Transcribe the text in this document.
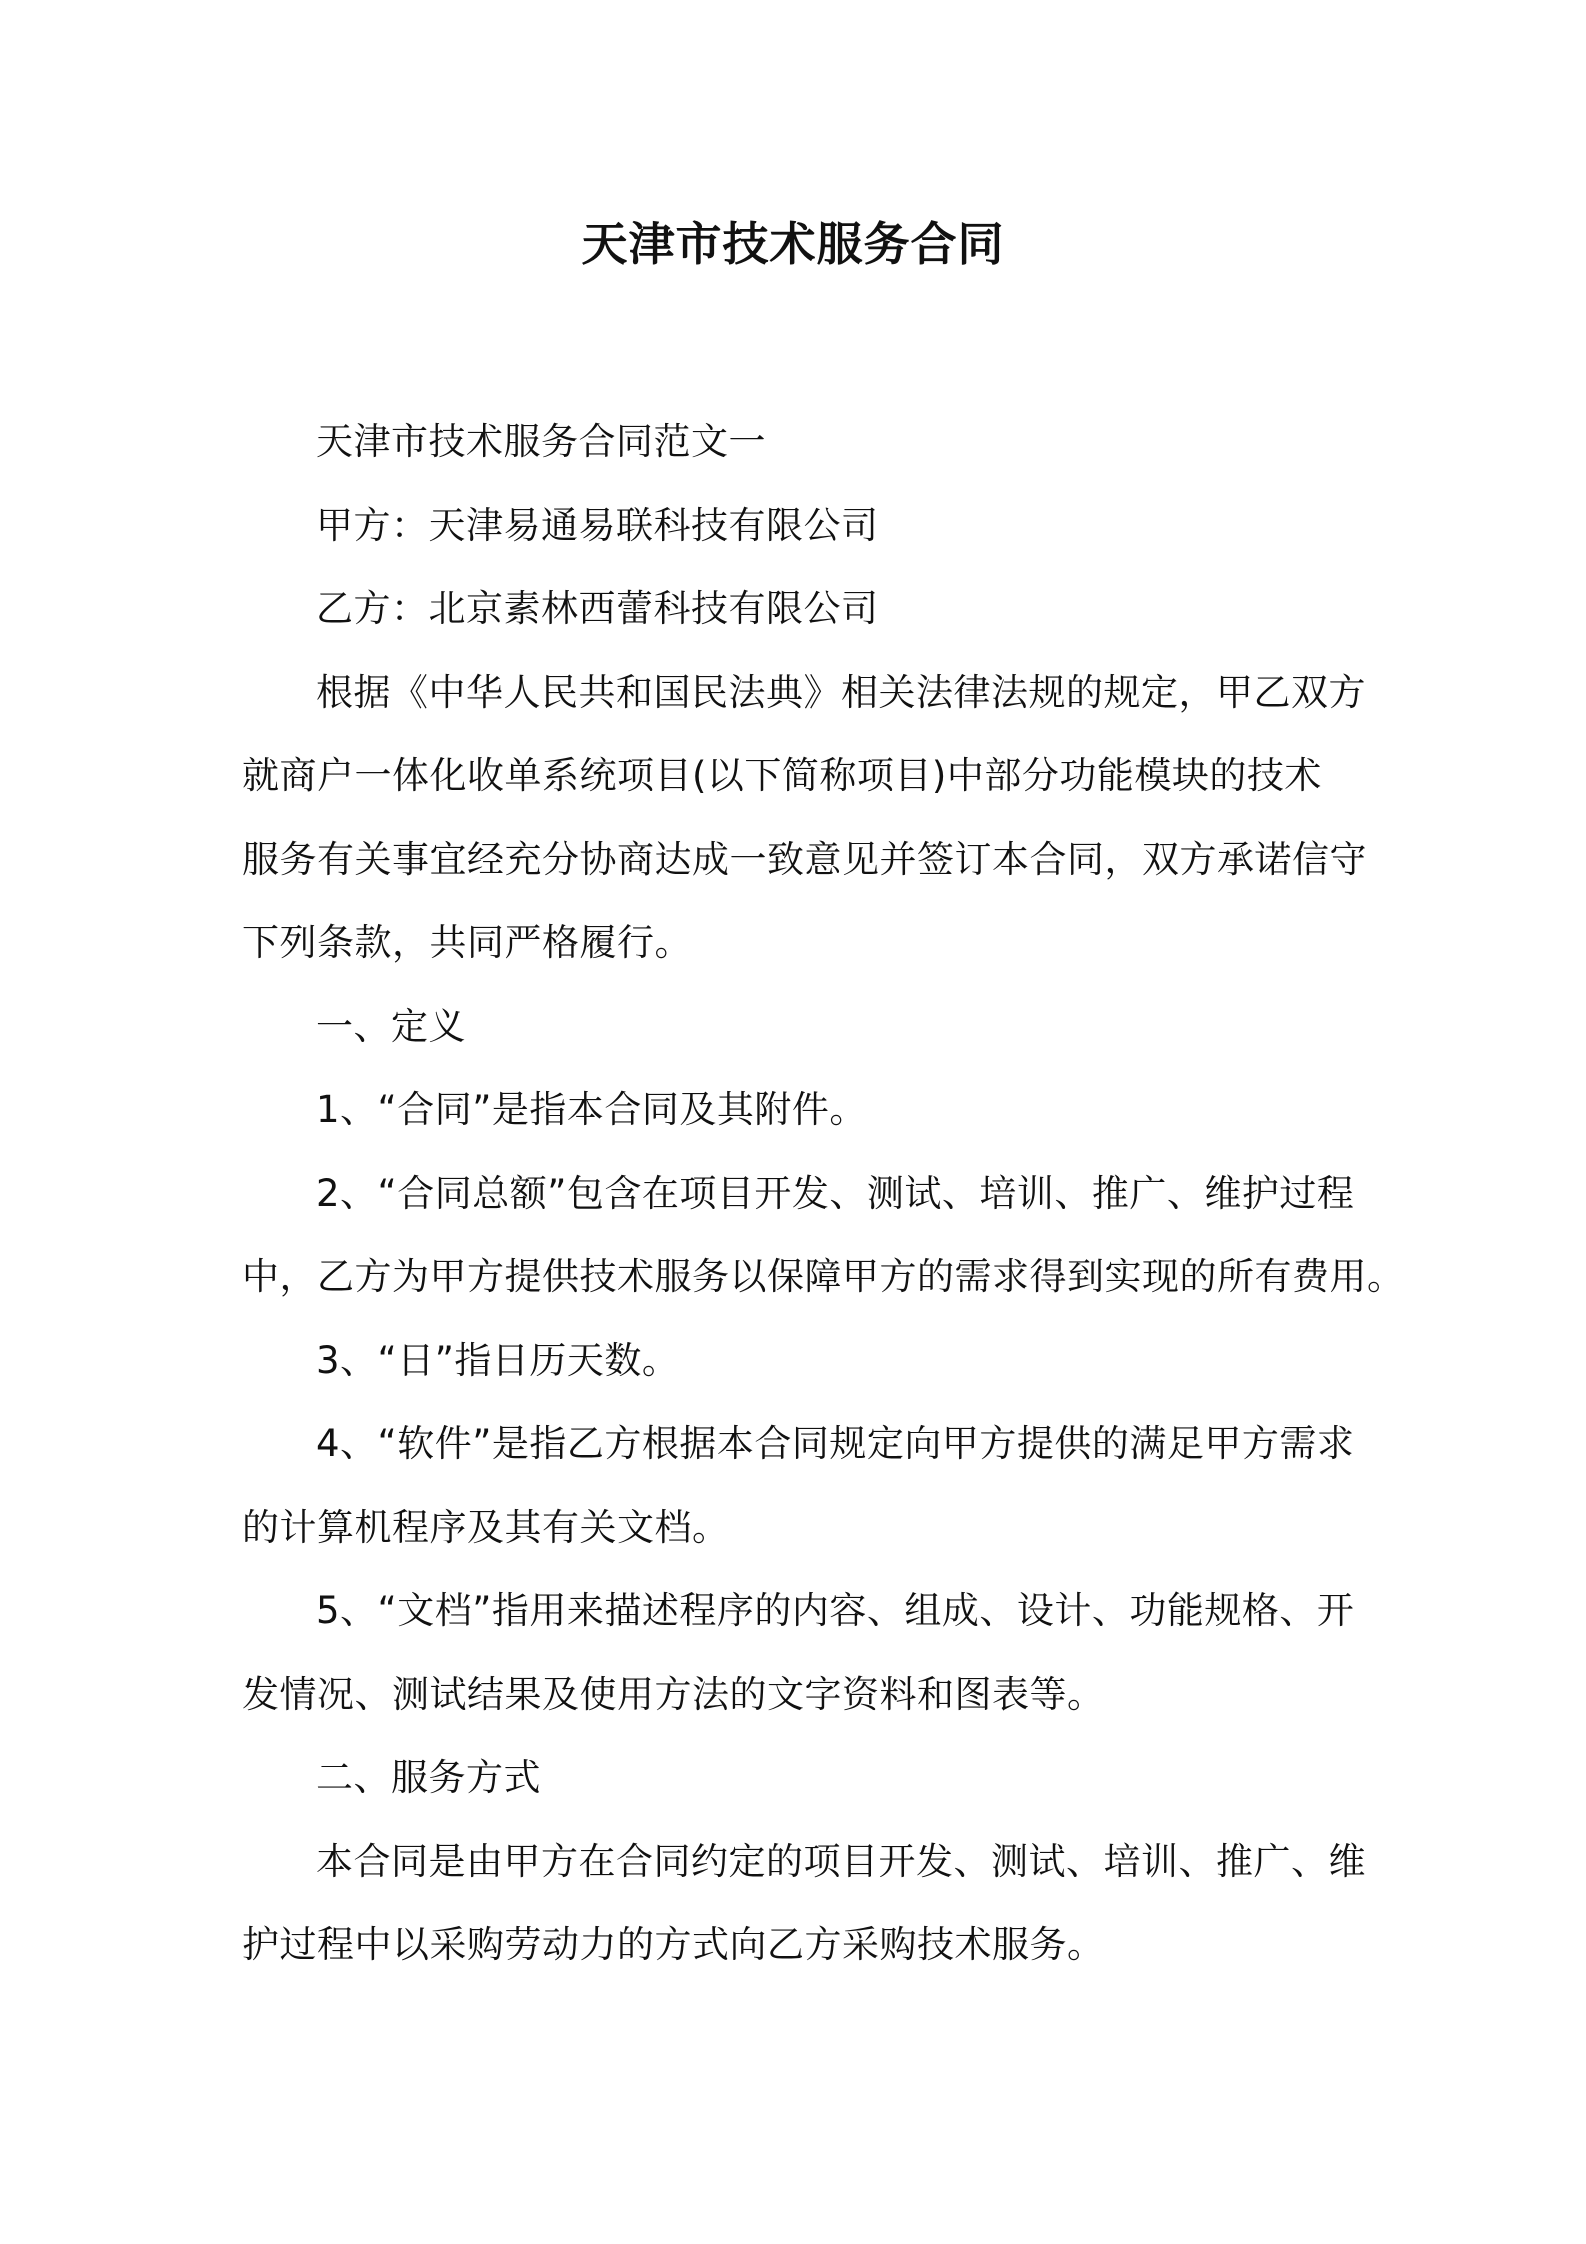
天津市技术服务合同

天津市技术服务合同范文一

甲方：天津易通易联科技有限公司

乙方：北京素林西蕾科技有限公司

根据《中华人民共和国民法典》相关法律法规的规定，甲乙双方

就商户一体化收单系统项目(以下简称项目)中部分功能模块的技术

服务有关事宜经充分协商达成一致意见并签订本合同，双方承诺信守

下列条款，共同严格履行。

一、定义

1、“合同”是指本合同及其附件。

2、“合同总额”包含在项目开发、测试、培训、推广、维护过程

中，乙方为甲方提供技术服务以保障甲方的需求得到实现的所有费用。

3、“日”指日历天数。

4、“软件”是指乙方根据本合同规定向甲方提供的满足甲方需求

的计算机程序及其有关文档。

5、“文档”指用来描述程序的内容、组成、设计、功能规格、开

发情况、测试结果及使用方法的文字资料和图表等。

二、服务方式

本合同是由甲方在合同约定的项目开发、测试、培训、推广、维

护过程中以采购劳动力的方式向乙方采购技术服务。
